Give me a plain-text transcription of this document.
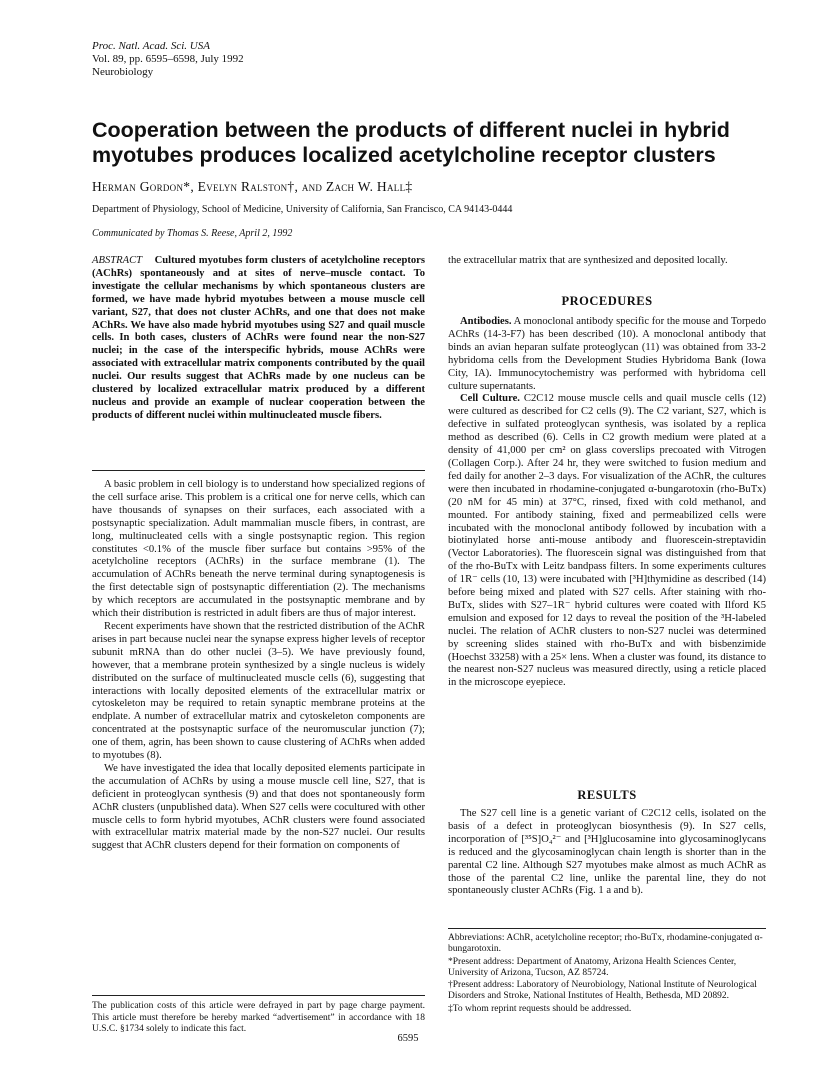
Proc. Natl. Acad. Sci. USA
Vol. 89, pp. 6595–6598, July 1992
Neurobiology
Cooperation between the products of different nuclei in hybrid myotubes produces localized acetylcholine receptor clusters
Herman Gordon*, Evelyn Ralston†, and Zach W. Hall‡
Department of Physiology, School of Medicine, University of California, San Francisco, CA 94143-0444
Communicated by Thomas S. Reese, April 2, 1992
ABSTRACT Cultured myotubes form clusters of acetylcholine receptors (AChRs) spontaneously and at sites of nerve–muscle contact. To investigate the cellular mechanisms by which spontaneous clusters are formed, we have made hybrid myotubes between a mouse muscle cell variant, S27, that does not cluster AChRs, and one that does not make AChRs. We have also made hybrid myotubes using S27 and quail muscle cells. In both cases, clusters of AChRs were found near the non-S27 nuclei; in the case of the interspecific hybrids, mouse AChRs were associated with extracellular matrix components contributed by the quail nuclei. Our results suggest that AChRs made by one nucleus can be clustered by localized extracellular matrix produced by a different nucleus and provide an example of nuclear cooperation between the products of different nuclei within multinucleated muscle fibers.

A basic problem in cell biology is to understand how specialized regions of the cell surface arise. This problem is a critical one for nerve cells, which can have thousands of synapses on their surfaces, each associated with a postsynaptic specialization. Adult mammalian muscle fibers, in contrast, are long, multinucleated cells with a single postsynaptic region. This region constitutes <0.1% of the muscle fiber surface but contains >95% of the acetylcholine receptors (AChRs) in the surface membrane (1). The accumulation of AChRs beneath the nerve terminal during synaptogenesis is the first detectable sign of postsynaptic differentiation (2). The mechanisms by which receptors are accumulated in the postsynaptic membrane and by which their distribution is restricted in adult fibers are thus of major interest.

Recent experiments have shown that the restricted distribution of the AChR arises in part because nuclei near the synapse express higher levels of receptor subunit mRNA than do other nuclei (3–5). We have previously found, however, that a membrane protein synthesized by a single nucleus is widely distributed on the surface of multinucleated muscle cells (6), suggesting that interactions with locally deposited elements of the extracellular matrix or cytoskeleton may be required to retain synaptic membrane proteins at the endplate. A number of extracellular matrix and cytoskeleton components are concentrated at the postsynaptic surface of the neuromuscular junction (7); one of them, agrin, has been shown to cause clustering of AChRs when added to myotubes (8).

We have investigated the idea that locally deposited elements participate in the accumulation of AChRs by using a mouse muscle cell line, S27, that is deficient in proteoglycan synthesis (9) and that does not spontaneously form AChR clusters (unpublished data). When S27 cells were cocultured with other muscle cells to form hybrid myotubes, AChR clusters were found associated with extracellular matrix material made by the non-S27 nuclei. Our results suggest that AChR clusters depend for their formation on components of

The publication costs of this article were defrayed in part by page charge payment. This article must therefore be hereby marked “advertisement” in accordance with 18 U.S.C. §1734 solely to indicate this fact.
the extracellular matrix that are synthesized and deposited locally.
PROCEDURES

Antibodies. A monoclonal antibody specific for the mouse and Torpedo AChRs (14-3-F7) has been described (10). A monoclonal antibody that binds an avian heparan sulfate proteoglycan (11) was obtained from 33-2 hybridoma cells from the Development Studies Hybridoma Bank (Iowa City, IA). Immunocytochemistry was performed with hybridoma cell culture supernatants.

Cell Culture. C2C12 mouse muscle cells and quail muscle cells (12) were cultured as described for C2 cells (9). The C2 variant, S27, which is defective in sulfated proteoglycan synthesis, was isolated by a replica method as described (6). Cells in C2 growth medium were plated at a density of 41,000 per cm² on glass coverslips precoated with Vitrogen (Collagen Corp.). After 24 hr, they were switched to fusion medium and fed daily for another 2–3 days. For visualization of the AChR, the cultures were then incubated in rhodamine-conjugated α-bungarotoxin (rho-BuTx) (20 nM for 45 min) at 37°C, rinsed, fixed with cold methanol, and mounted. For antibody staining, fixed and permeabilized cells were incubated with the monoclonal antibody followed by incubation with a biotinylated horse anti-mouse antibody and fluorescein-streptavidin (Vector Laboratories). The fluorescein signal was distinguished from that of the rho-BuTx with Leitz bandpass filters. In some experiments cultures of 1R⁻ cells (10, 13) were incubated with [³H]thymidine as described (14) before being mixed and plated with S27 cells. After staining with rho-BuTx, slides with S27–1R⁻ hybrid cultures were coated with Ilford K5 emulsion and exposed for 12 days to reveal the position of the ³H-labeled nuclei. The relation of AChR clusters to non-S27 nuclei was determined by screening slides stained with rho-BuTx and with bisbenzimide (Hoechst 33258) with a 25× lens. When a cluster was found, its distance to the nearest non-S27 nucleus was measured directly, using a reticle placed in the microscope eyepiece.

RESULTS

The S27 cell line is a genetic variant of C2C12 cells, isolated on the basis of a defect in proteoglycan biosynthesis (9). In S27 cells, incorporation of [³⁵S]O₄²⁻ and [³H]glucosamine into glycosaminoglycans is reduced and the glycosaminoglycan chain length is shorter than in the parental C2 line. Although S27 myotubes make almost as much AChR as those of the parental C2 line, unlike the parental line, they do not spontaneously cluster AChRs (Fig. 1 a and b).

Abbreviations: AChR, acetylcholine receptor; rho-BuTx, rhodamine-conjugated α-bungarotoxin.
*Present address: Department of Anatomy, Arizona Health Sciences Center, University of Arizona, Tucson, AZ 85724.
†Present address: Laboratory of Neurobiology, National Institute of Neurological Disorders and Stroke, National Institutes of Health, Bethesda, MD 20892.
‡To whom reprint requests should be addressed.
6595
